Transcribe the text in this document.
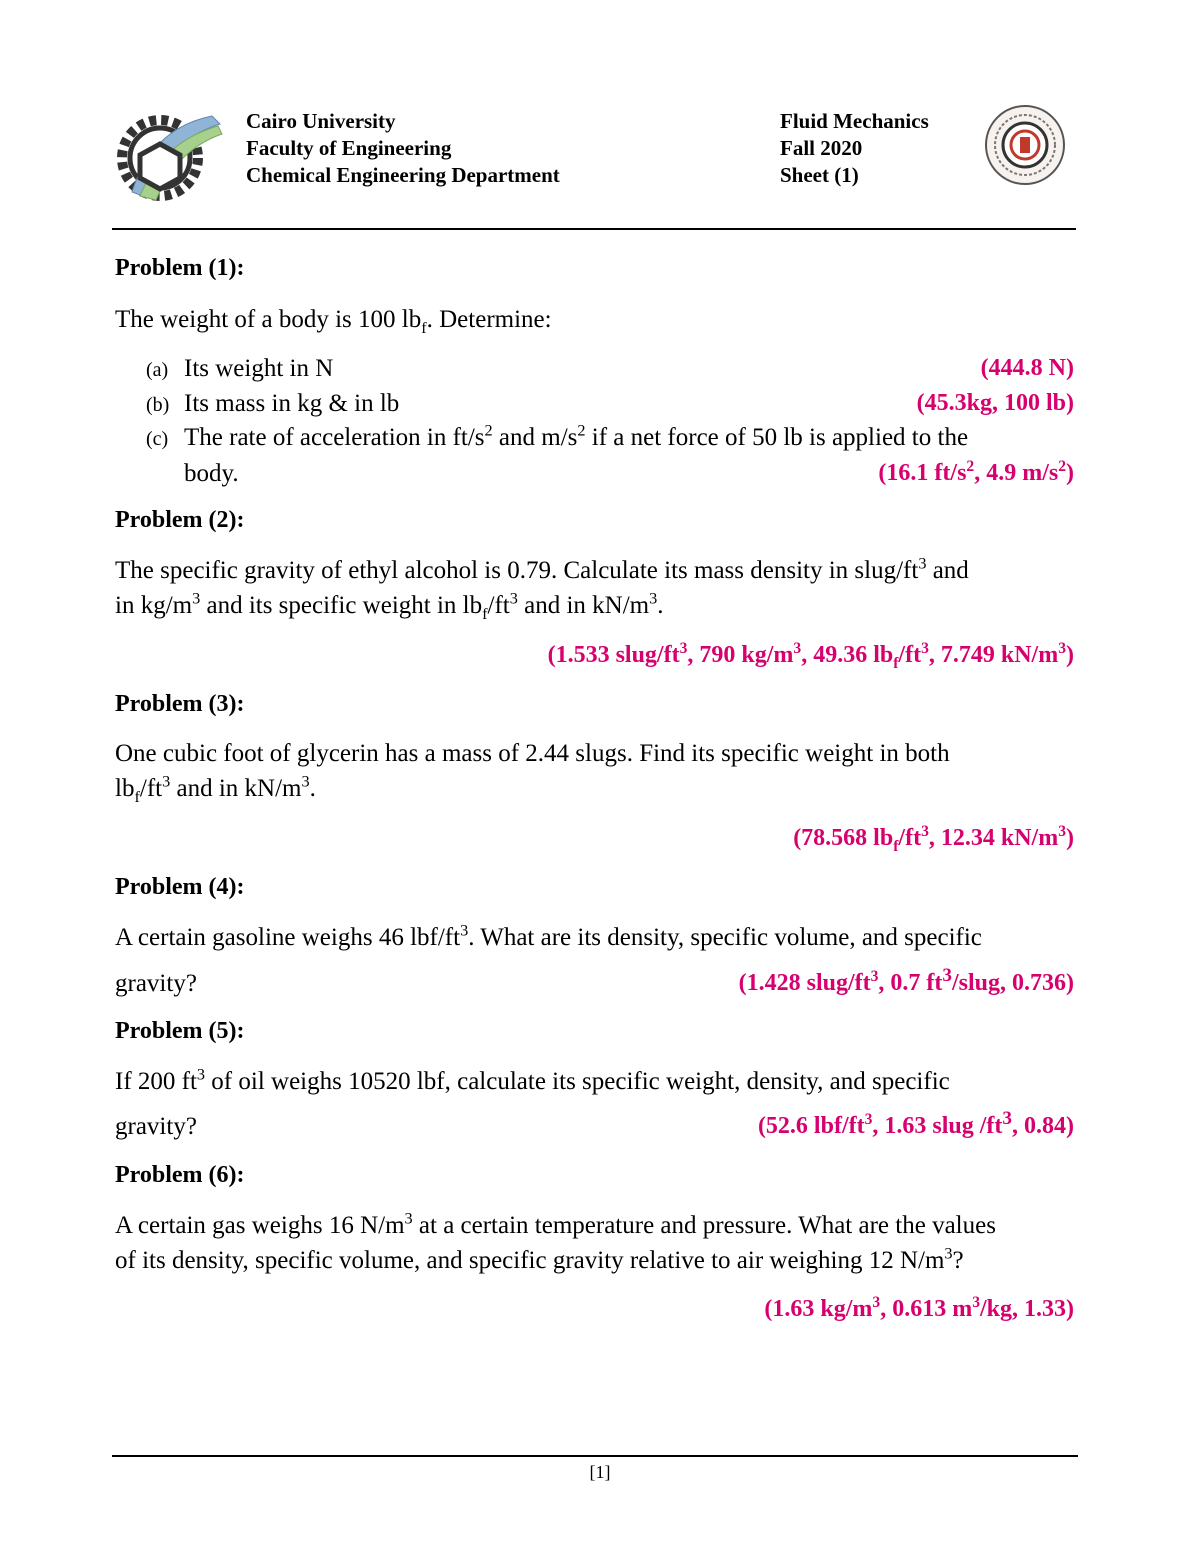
Cairo University
Faculty of Engineering
Chemical Engineering Department
Fluid Mechanics
Fall 2020
Sheet (1)
Problem (1):
The weight of a body is 100 $lb_f$. Determine:
(a) Its weight in N	(444.8 N)
(b) Its mass in kg & in lb	(45.3kg, 100 lb)
(c) The rate of acceleration in $ft/s^2$ and $m/s^2$ if a net force of 50 lb is applied to the
body.	(16.1 $ft/s^2$, 4.9 $m/s^2$)
Problem (2):
The specific gravity of ethyl alcohol is 0.79. Calculate its mass density in slug/$ft^3$ and
in $kg/m^3$ and its specific weight in $lb_f/ft^3$ and in $kN/m^3$.
(1.533 slug/$ft^3$, 790 $kg/m^3$, 49.36 $lb_f/ft^3$, 7.749 $kN/m^3$)
Problem (3):
One cubic foot of glycerin has a mass of 2.44 slugs. Find its specific weight in both
$lb_f/ft^3$ and in $kN/m^3$.
(78.568 $lb_f/ft^3$, 12.34 $kN/m^3$)
Problem (4):
A certain gasoline weighs 46 lbf/$ft^3$. What are its density, specific volume, and specific
gravity?	(1.428 slug/$ft^3$, 0.7 $ft^3$/slug, 0.736)
Problem (5):
If 200 $ft^3$ of oil weighs 10520 lbf, calculate its specific weight, density, and specific
gravity?	(52.6 lbf/$ft^3$, 1.63 slug $/ft^3$, 0.84)
Problem (6):
A certain gas weighs 16 $N/m^3$ at a certain temperature and pressure. What are the values
of its density, specific volume, and specific gravity relative to air weighing 12 $N/m^3$?
(1.63 $kg/m^3$, 0.613 $m^3/kg$, 1.33)
[1]
